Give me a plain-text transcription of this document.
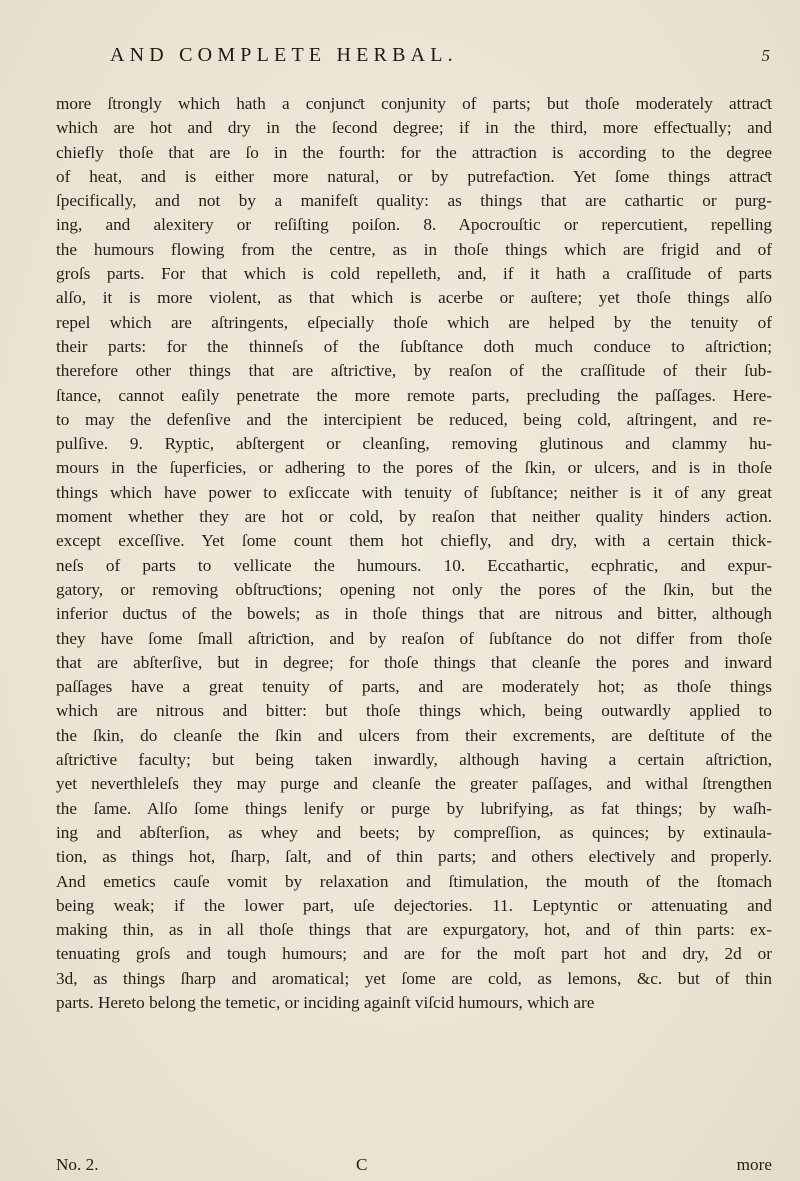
AND COMPLETE HERBAL.	5
more ſtrongly which hath a conjunƈt conjunity of parts; but thoſe moderately attraƈt
which are hot and dry in the ſecond degree; if in the third, more effeƈtually; and
chiefly thoſe that are ſo in the fourth: for the attraƈtion is according to the degree
of heat, and is either more natural, or by putrefaƈtion. Yet ſome things attraƈt
ſpecifically, and not by a manifeſt quality: as things that are cathartic or purg-
ing, and alexitery or reſiſting poiſon. 8. Apocrouſtic or repercutient, repelling
the humours flowing from the centre, as in thoſe things which are frigid and of
groſs parts. For that which is cold repelleth, and, if it hath a craſſitude of parts
alſo, it is more violent, as that which is acerbe or auſtere; yet thoſe things alſo
repel which are aſtringents, eſpecially thoſe which are helped by the tenuity of
their parts: for the thinneſs of the ſubſtance doth much conduce to aſtriƈtion;
therefore other things that are aſtriƈtive, by reaſon of the craſſitude of their ſub-
ſtance, cannot eaſily penetrate the more remote parts, precluding the paſſages. Here-
to may the defenſive and the intercipient be reduced, being cold, aſtringent, and re-
pulſive. 9. Ryptic, abſtergent or cleanſing, removing glutinous and clammy hu-
mours in the ſuperficies, or adhering to the pores of the ſkin, or ulcers, and is in thoſe
things which have power to exſiccate with tenuity of ſubſtance; neither is it of any great
moment whether they are hot or cold, by reaſon that neither quality hinders aƈtion.
except exceſſive. Yet ſome count them hot chiefly, and dry, with a certain thick-
neſs of parts to vellicate the humours. 10. Eccathartic, ecphratic, and expur-
gatory, or removing obſtruƈtions; opening not only the pores of the ſkin, but the
inferior duƈtus of the bowels; as in thoſe things that are nitrous and bitter, although
they have ſome ſmall aſtriƈtion, and by reaſon of ſubſtance do not differ from thoſe
that are abſterſive, but in degree; for thoſe things that cleanſe the pores and inward
paſſages have a great tenuity of parts, and are moderately hot; as thoſe things
which are nitrous and bitter: but thoſe things which, being outwardly applied to
the ſkin, do cleanſe the ſkin and ulcers from their excrements, are deſtitute of the
aſtriƈtive faculty; but being taken inwardly, although having a certain aſtriƈtion,
yet neverthleleſs they may purge and cleanſe the greater paſſages, and withal ſtrengthen
the ſame. Alſo ſome things lenify or purge by lubrifying, as fat things; by waſh-
ing and abſterſion, as whey and beets; by compreſſion, as quinces; by extinaula-
tion, as things hot, ſharp, ſalt, and of thin parts; and others eleƈtively and properly.
And emetics cauſe vomit by relaxation and ſtimulation, the mouth of the ſtomach
being weak; if the lower part, uſe dejeƈtories. 11. Leptyntic or attenuating and
making thin, as in all thoſe things that are expurgatory, hot, and of thin parts: ex-
tenuating groſs and tough humours; and are for the moſt part hot and dry, 2d or
3d, as things ſharp and aromatical; yet ſome are cold, as lemons, &c. but of thin
parts. Hereto belong the temetic, or inciding againſt viſcid humours, which are
No. 2.	C	more
